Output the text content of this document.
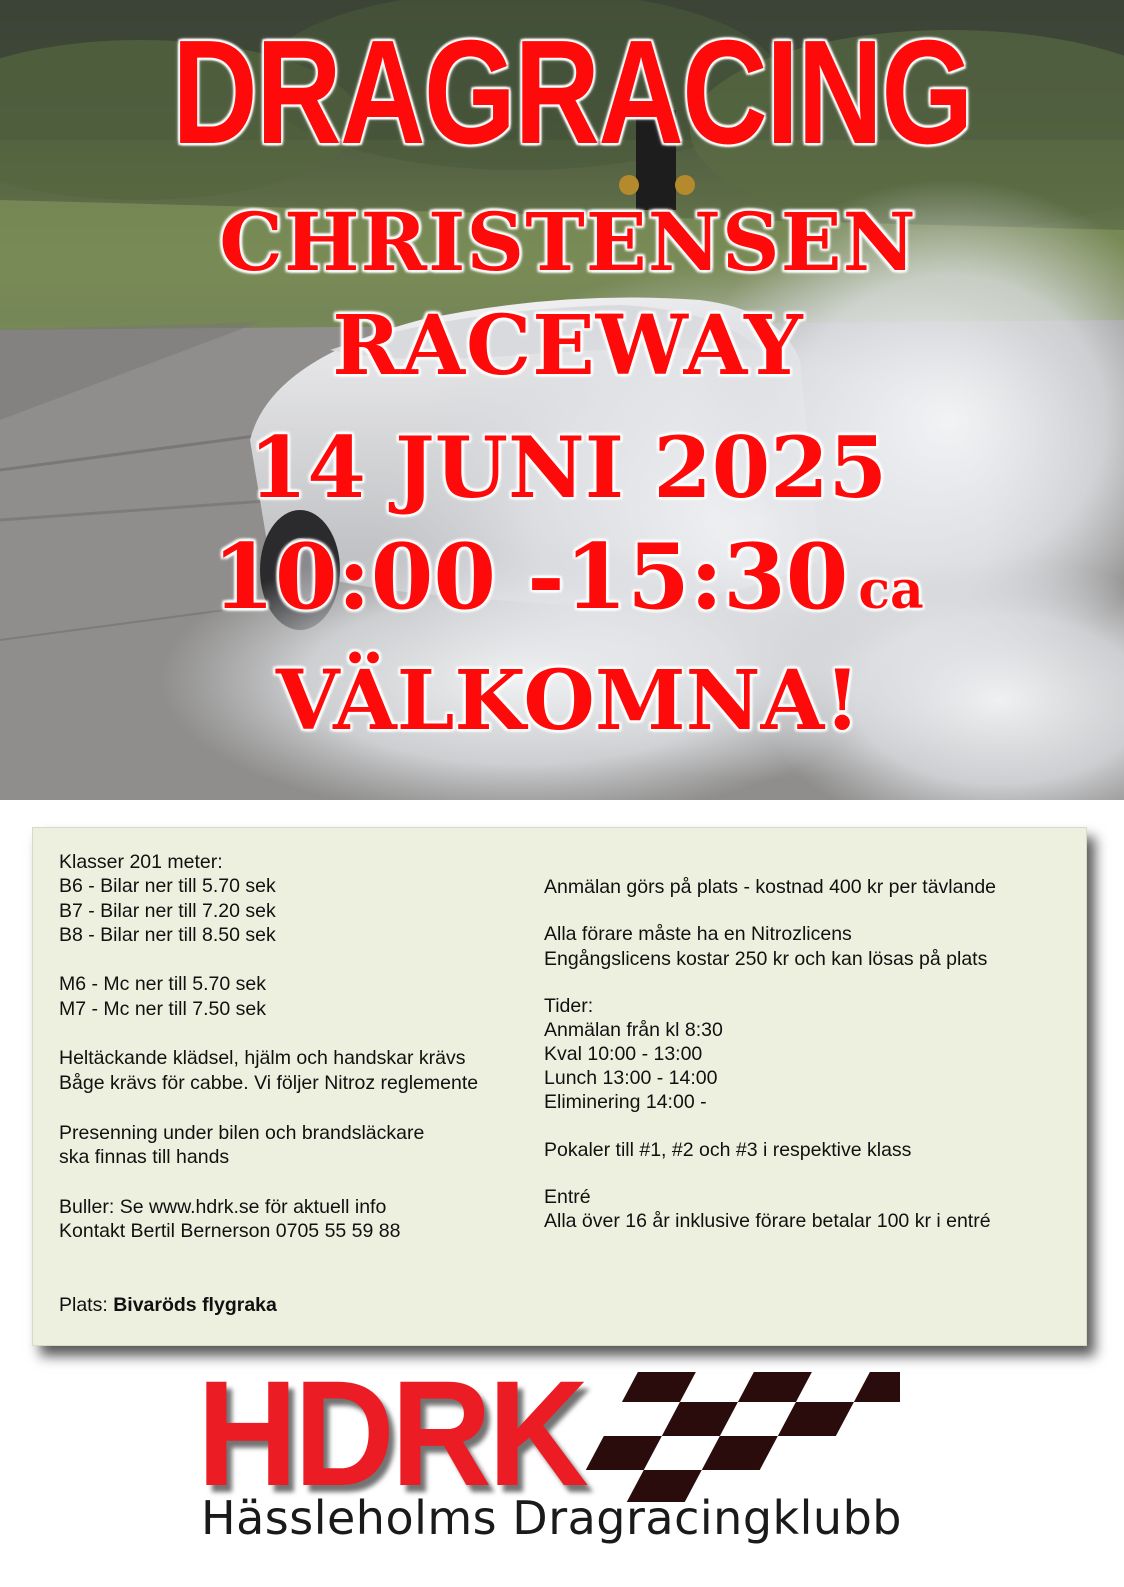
DRAGRACING
CHRISTENSEN
RACEWAY
14 JUNI 2025
10:00 -15:30 ca
VÄLKOMNA!

Klasser 201 meter:

B6 - Bilar ner till 5.70 sek

B7 - Bilar ner till 7.20 sek

B8 - Bilar ner till 8.50 sek

M6 - Mc ner till 5.70 sek

M7 - Mc ner till 7.50 sek

Heltäckande klädsel, hjälm och handskar krävs

Båge krävs för cabbe. Vi följer Nitroz reglemente

Presenning under bilen och brandsläckare

ska finnas till hands

Buller: Se www.hdrk.se för aktuell info

Kontakt Bertil Bernerson 0705 55 59 88

Plats: Bivaröds flygraka

Anmälan görs på plats - kostnad 400 kr per tävlande

Alla förare måste ha en Nitrozlicens

Engångslicens kostar 250 kr och kan lösas på plats

Tider:

Anmälan från kl 8:30

Kval 10:00 - 13:00

Lunch 13:00 - 14:00

Eliminering 14:00 -

Pokaler till #1, #2 och #3 i respektive klass

Entré

Alla över 16 år inklusive förare betalar 100 kr i entré

HDRK

Hässleholms Dragracingklubb
